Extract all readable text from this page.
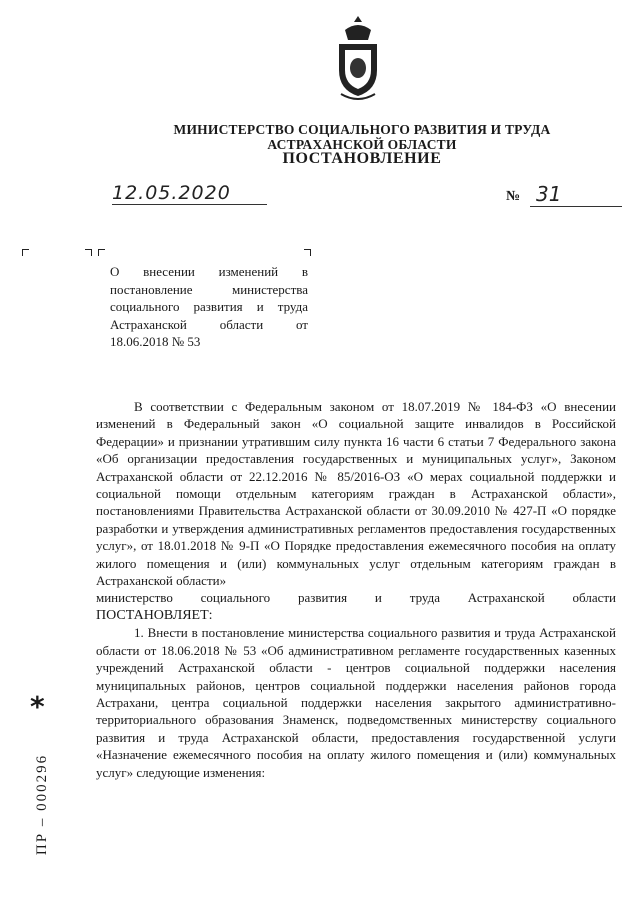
МИНИСТЕРСТВО СОЦИАЛЬНОГО РАЗВИТИЯ И ТРУДА
АСТРАХАНСКОЙ ОБЛАСТИ
ПОСТАНОВЛЕНИЕ
12.05.2020	№ 31
О внесении изменений в постановление министерства социального развития и труда Астраханской области от 18.06.2018 № 53

В соответствии с Федеральным законом от 18.07.2019 № 184-ФЗ «О внесении изменений в Федеральный закон «О социальной защите инвалидов в Российской Федерации» и признании утратившим силу пункта 16 части 6 статьи 7 Федерального закона «Об организации предоставления государственных и муниципальных услуг», Законом Астраханской области от 22.12.2016 № 85/2016-ОЗ «О мерах социальной поддержки и социальной помощи отдельным категориям граждан в Астраханской области», постановлениями Правительства Астраханской области от 30.09.2010 № 427-П «О порядке разработки и утверждения административных регламентов предоставления государственных услуг», от 18.01.2018 № 9-П «О Порядке предоставления ежемесячного пособия на оплату жилого помещения и (или) коммунальных услуг отдельным категориям граждан в Астраханской области»

министерство социального развития и труда Астраханской области

ПОСТАНОВЛЯЕТ:

1. Внести в постановление министерства социального развития и труда Астраханской области от 18.06.2018 № 53 «Об административном регламенте государственных казенных учреждений Астраханской области - центров социальной поддержки населения муниципальных районов, центров социальной поддержки населения районов города Астрахани, центра социальной поддержки населения закрытого административно-территориального образования Знаменск, подведомственных министерству социального развития и труда Астраханской области, предоставления государственной услуги «Назначение ежемесячного пособия на оплату жилого помещения и (или) коммунальных услуг» следующие изменения:

*
ПР – 000296
